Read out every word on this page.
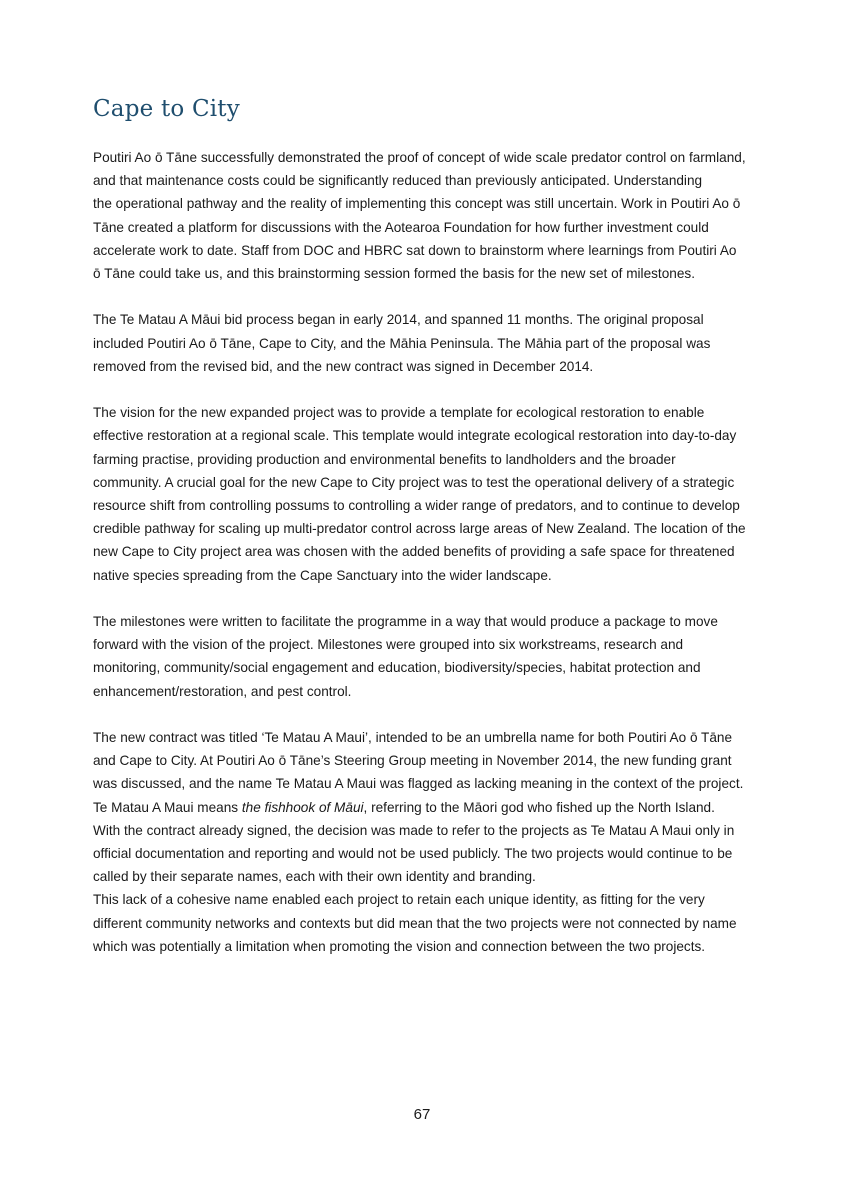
Cape to City
Poutiri Ao ō Tāne successfully demonstrated the proof of concept of wide scale predator control on farmland,
and that maintenance costs could be significantly reduced than previously anticipated. Understanding
the operational pathway and the reality of implementing this concept was still uncertain. Work in Poutiri Ao ō
Tāne created a platform for discussions with the Aotearoa Foundation for how further investment could
accelerate work to date. Staff from DOC and HBRC sat down to brainstorm where learnings from Poutiri Ao
ō Tāne could take us, and this brainstorming session formed the basis for the new set of milestones.
The Te Matau A Māui bid process began in early 2014, and spanned 11 months. The original proposal
included Poutiri Ao ō Tāne, Cape to City, and the Māhia Peninsula. The Māhia part of the proposal was
removed from the revised bid, and the new contract was signed in December 2014.
The vision for the new expanded project was to provide a template for ecological restoration to enable
effective restoration at a regional scale. This template would integrate ecological restoration into day-to-day
farming practise, providing production and environmental benefits to landholders and the broader
community. A crucial goal for the new Cape to City project was to test the operational delivery of a strategic
resource shift from controlling possums to controlling a wider range of predators, and to continue to develop
credible pathway for scaling up multi-predator control across large areas of New Zealand. The location of the
new Cape to City project area was chosen with the added benefits of providing a safe space for threatened
native species spreading from the Cape Sanctuary into the wider landscape.
The milestones were written to facilitate the programme in a way that would produce a package to move
forward with the vision of the project. Milestones were grouped into six workstreams, research and
monitoring, community/social engagement and education, biodiversity/species, habitat protection and
enhancement/restoration, and pest control.
The new contract was titled ‘Te Matau A Maui’, intended to be an umbrella name for both Poutiri Ao ō Tāne
and Cape to City. At Poutiri Ao ō Tāne’s Steering Group meeting in November 2014, the new funding grant
was discussed, and the name Te Matau A Maui was flagged as lacking meaning in the context of the project.
Te Matau A Maui means the fishhook of Māui, referring to the Māori god who fished up the North Island.
With the contract already signed, the decision was made to refer to the projects as Te Matau A Maui only in
official documentation and reporting and would not be used publicly. The two projects would continue to be
called by their separate names, each with their own identity and branding.
This lack of a cohesive name enabled each project to retain each unique identity, as fitting for the very
different community networks and contexts but did mean that the two projects were not connected by name
which was potentially a limitation when promoting the vision and connection between the two projects.
67
